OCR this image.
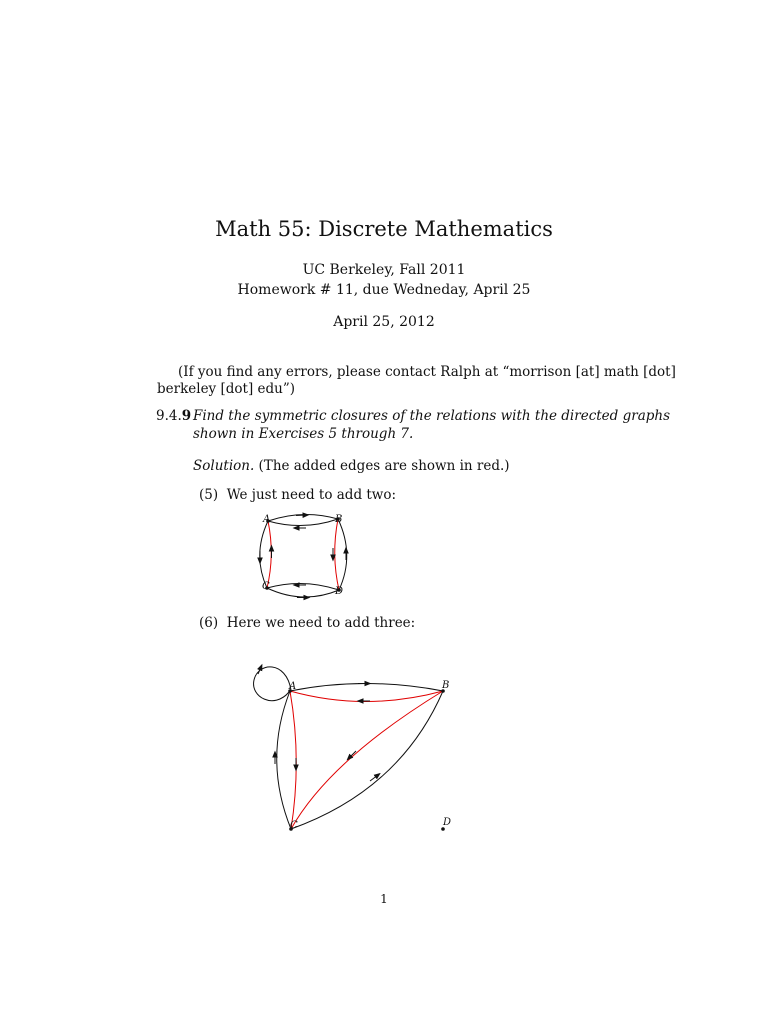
Math 55: Discrete Mathematics
UC Berkeley, Fall 2011
Homework # 11, due Wedneday, April 25
April 25, 2012
(If you find any errors, please contact Ralph at “morrison [at] math [dot]
berkeley [dot] edu”)
9.4.9 Find the symmetric closures of the relations with the directed graphs
shown in Exercises 5 through 7.
Solution. (The added edges are shown in red.)
(5) We just need to add two:
(6) Here we need to add three:
A	B
C	D
A	B
C	D
1
